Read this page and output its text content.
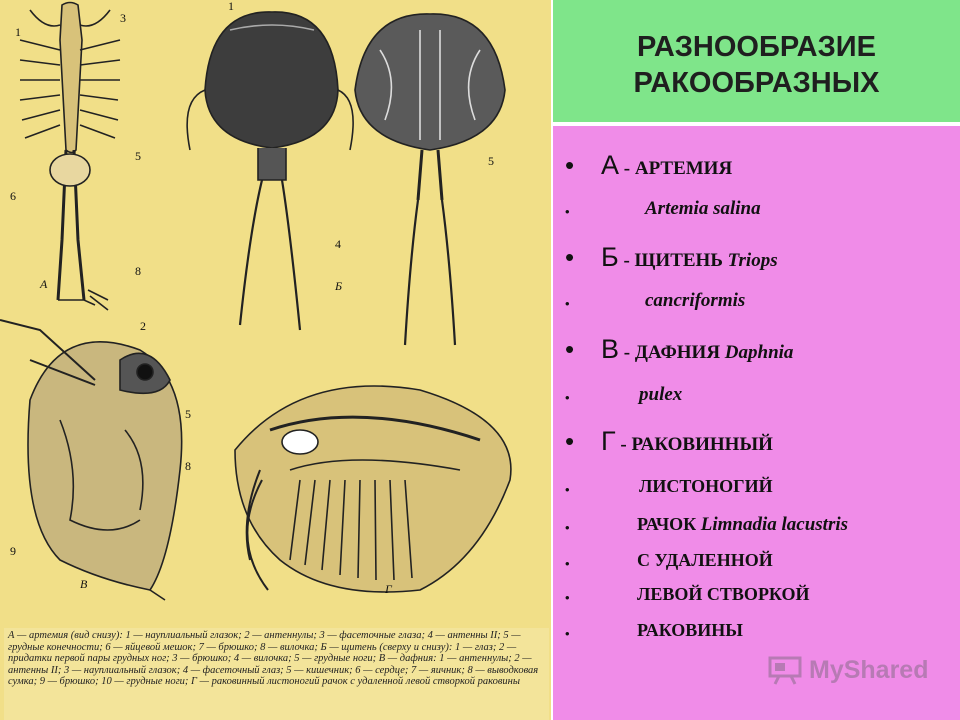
1
3
5
6
8
1
4
5
2
5
8
9
А	Б
В	Г
А — артемия (вид снизу): 1 — науплиальный глазок; 2 — антеннулы; 3 — фасеточные глаза; 4 — антенны II; 5 — грудные конечности; 6 — яйцевой мешок; 7 — брюшко; 8 — вилочка; Б — щитень (сверху и снизу): 1 — глаз; 2 — придатки первой пары грудных ног; 3 — брюшко; 4 — вилочка; 5 — грудные ноги; В — дафния: 1 — антеннулы; 2 — антенны II; 3 — науплиальный глазок; 4 — фасеточный глаз; 5 — кишечник; 6 — сердце; 7 — яичник; 8 — выводковая сумка; 9 — брюшко; 10 — грудные ноги; Г — раковинный листоногий рачок с удаленной левой створкой раковины
РАЗНООБРАЗИЕ
РАКООБРАЗНЫХ
• А - АРТЕМИЯ
•	Artemia salina
• Б - ЩИТЕНЬ Triops
•	cancriformis
• В - ДАФНИЯ Daphnia
•	pulex
• Г - РАКОВИННЫЙ
•	ЛИСТОНОГИЙ
•	РАЧОК Limnadia lacustris
•	С УДАЛЕННОЙ
•	ЛЕВОЙ СТВОРКОЙ
•	РАКОВИНЫ
MyShared
